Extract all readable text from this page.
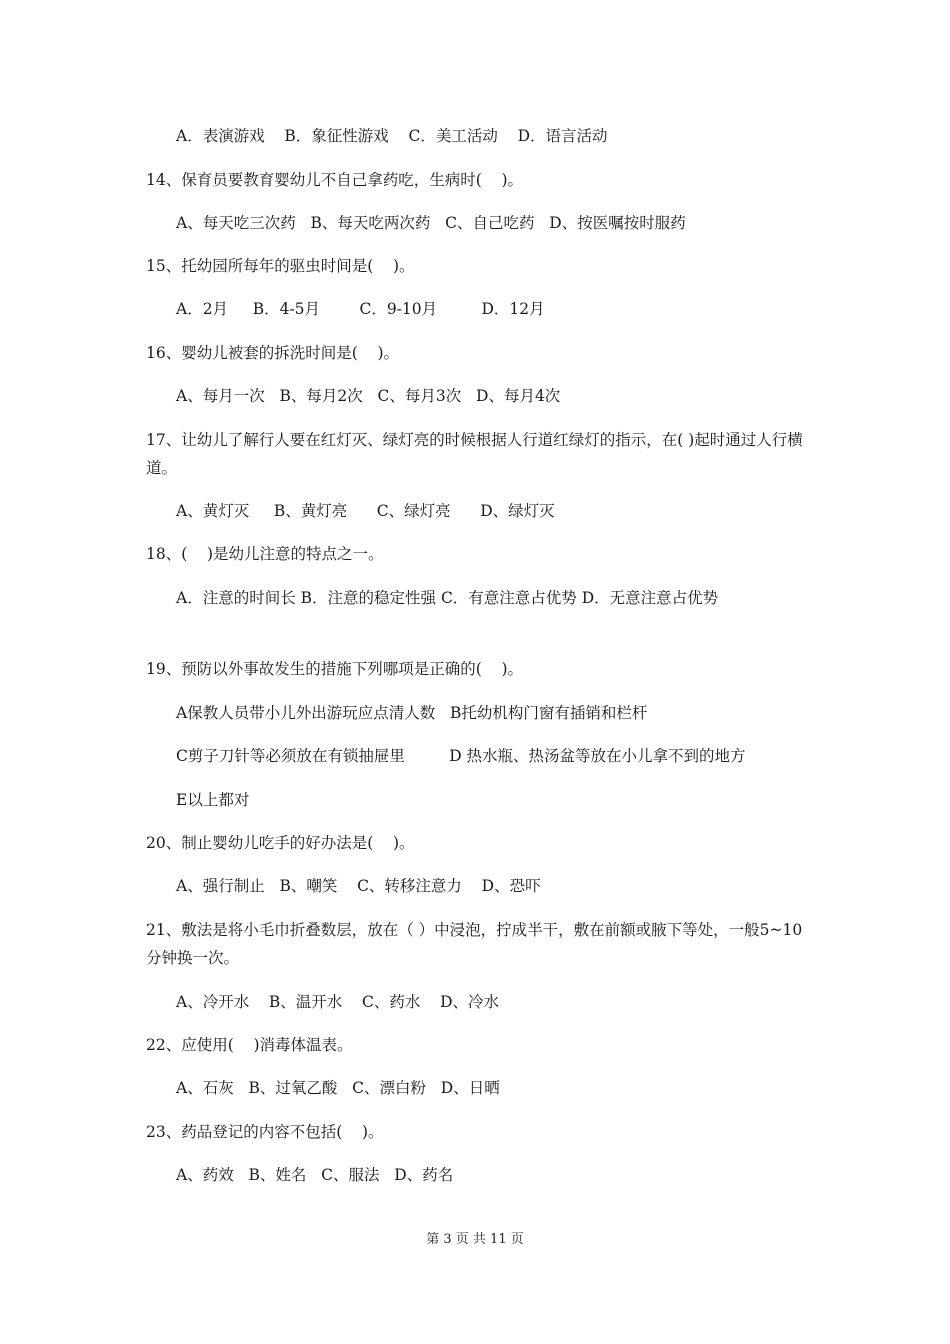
A．表演游戏    B．象征性游戏    C．美工活动    D．语言活动
14、保育员要教育婴幼儿不自己拿药吃，生病时(    )。
A、每天吃三次药   B、每天吃两次药   C、自己吃药   D、按医嘱按时服药
15、托幼园所每年的驱虫时间是(    )。
A．2月     B．4-5月        C．9-10月         D．12月
16、婴幼儿被套的拆洗时间是(    )。
A、每月一次   B、每月2次   C、每月3次   D、每月4次
17、让幼儿了解行人要在红灯灭、绿灯亮的时候根据人行道红绿灯的指示，在( )起时通过人行横道。
A、黄灯灭     B、黄灯亮      C、绿灯亮      D、绿灯灭
18、(    )是幼儿注意的特点之一。
A．注意的时间长 B．注意的稳定性强 C．有意注意占优势 D．无意注意占优势
19、预防以外事故发生的措施下列哪项是正确的(    )。
A保教人员带小儿外出游玩应点清人数   B托幼机构门窗有插销和栏杆
C剪子刀针等必须放在有锁抽屉里         D 热水瓶、热汤盆等放在小儿拿不到的地方
E以上都对
20、制止婴幼儿吃手的好办法是(    )。
A、强行制止   B、嘲笑    C、转移注意力    D、恐吓
21、敷法是将小毛巾折叠数层，放在（ ）中浸泡，拧成半干，敷在前额或腋下等处，一般5~10分钟换一次。
A、冷开水    B、温开水    C、药水    D、冷水
22、应使用(    )消毒体温表。
A、石灰   B、过氧乙酸   C、漂白粉   D、日晒
23、药品登记的内容不包括(    )。
A、药效   B、姓名   C、服法   D、药名
第 3 页 共 11 页
